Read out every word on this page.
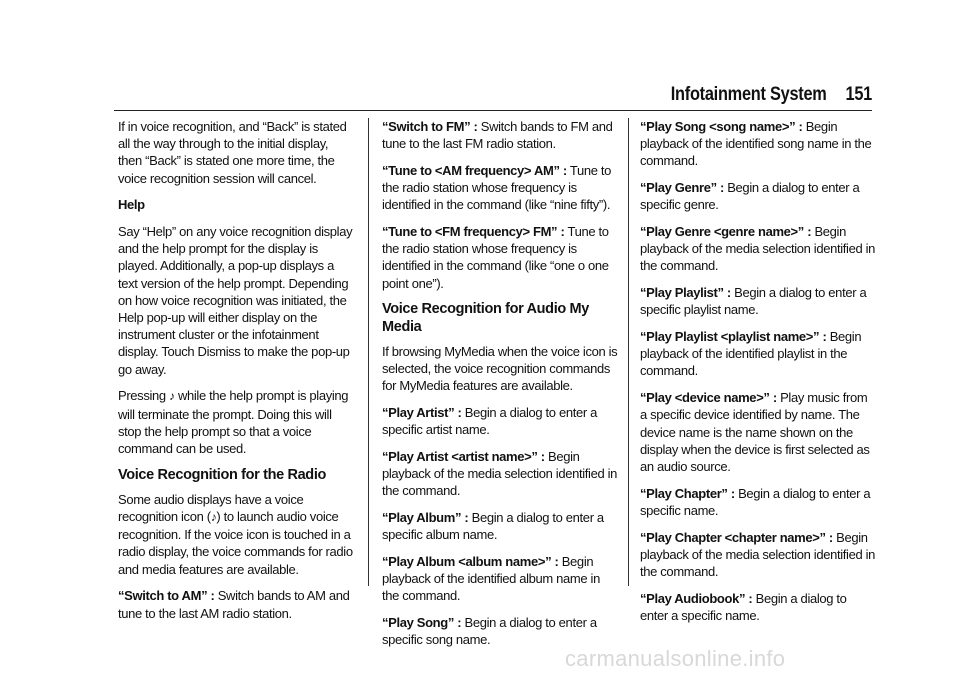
Infotainment System 151

If in voice recognition, and “Back” is stated all the way through to the initial display, then “Back” is stated one more time, the voice recognition session will cancel.

Help

Say “Help” on any voice recognition display and the help prompt for the display is played. Additionally, a pop-up displays a text version of the help prompt. Depending on how voice recognition was initiated, the Help pop-up will either display on the instrument cluster or the infotainment display. Touch Dismiss to make the pop-up go away.

Pressing ♪ while the help prompt is playing will terminate the prompt. Doing this will stop the help prompt so that a voice command can be used.

Voice Recognition for the Radio

Some audio displays have a voice recognition icon (♪) to launch audio voice recognition. If the voice icon is touched in a radio display, the voice commands for radio and media features are available.

“Switch to AM” : Switch bands to AM and tune to the last AM radio station.

“Switch to FM” : Switch bands to FM and tune to the last FM radio station.

“Tune to <AM frequency> AM” : Tune to the radio station whose frequency is identified in the command (like “nine fifty”).

“Tune to <FM frequency> FM” : Tune to the radio station whose frequency is identified in the command (like “one o one point one”).

Voice Recognition for Audio My Media

If browsing MyMedia when the voice icon is selected, the voice recognition commands for MyMedia features are available.

“Play Artist” : Begin a dialog to enter a specific artist name.

“Play Artist <artist name>” : Begin playback of the media selection identified in the command.

“Play Album” : Begin a dialog to enter a specific album name.

“Play Album <album name>” : Begin playback of the identified album name in the command.

“Play Song” : Begin a dialog to enter a specific song name.

“Play Song <song name>” : Begin playback of the identified song name in the command.

“Play Genre” : Begin a dialog to enter a specific genre.

“Play Genre <genre name>” : Begin playback of the media selection identified in the command.

“Play Playlist” : Begin a dialog to enter a specific playlist name.

“Play Playlist <playlist name>” : Begin playback of the identified playlist in the command.

“Play <device name>” : Play music from a specific device identified by name. The device name is the name shown on the display when the device is first selected as an audio source.

“Play Chapter” : Begin a dialog to enter a specific name.

“Play Chapter <chapter name>” : Begin playback of the media selection identified in the command.

“Play Audiobook” : Begin a dialog to enter a specific name.

carmanualsonline.info
